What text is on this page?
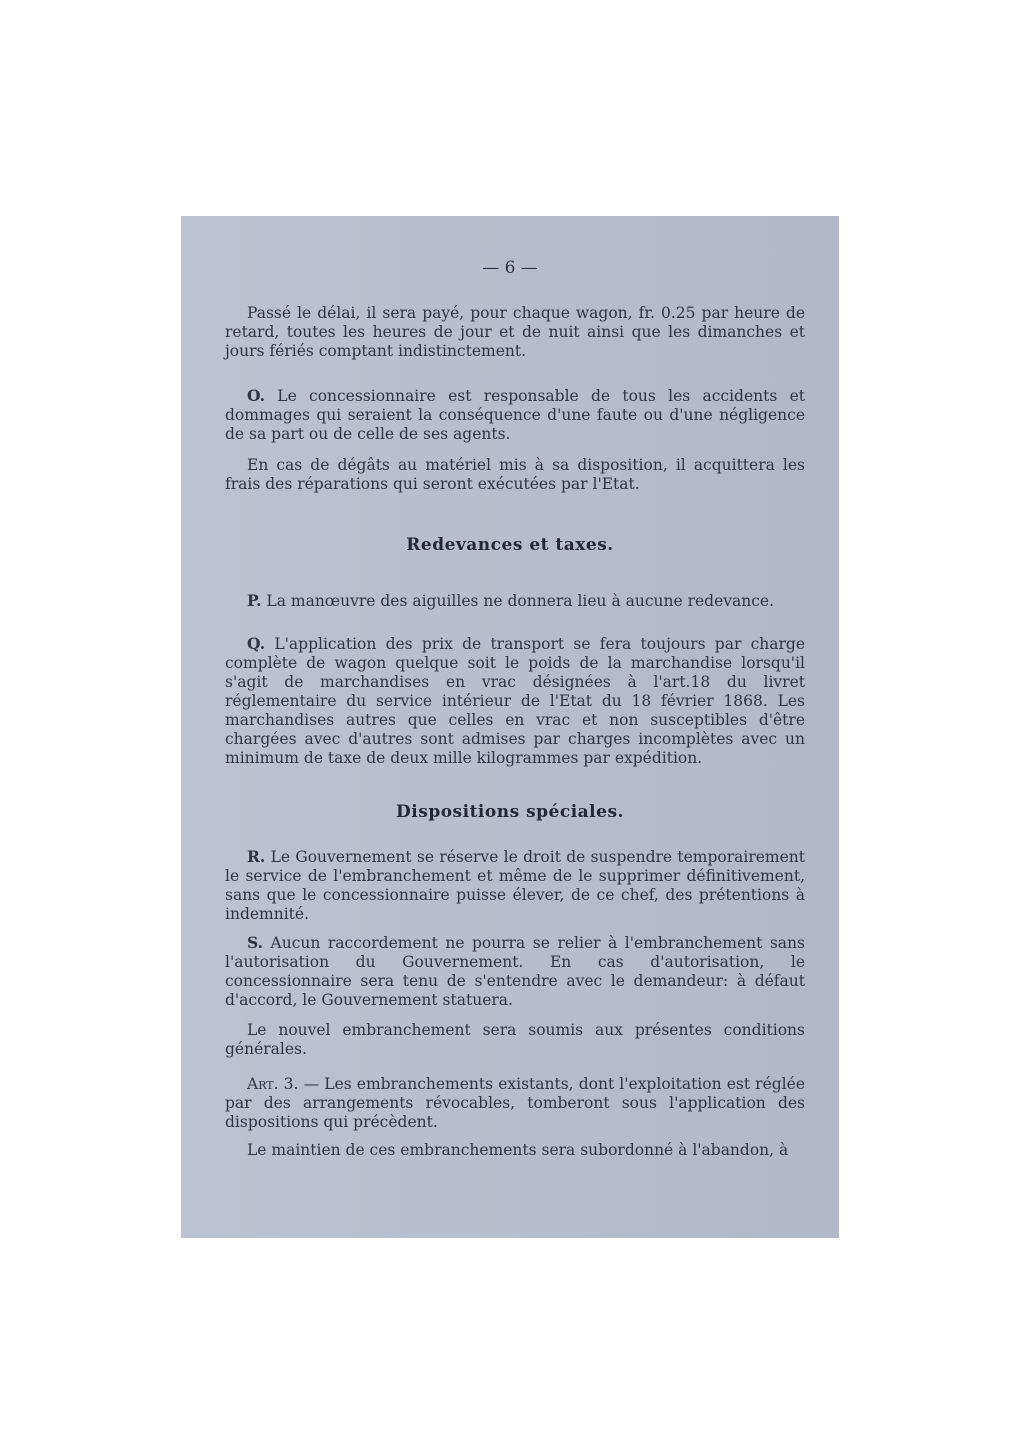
— 6 —

Passé le délai, il sera payé, pour chaque wagon, fr. 0.25 par heure de retard, toutes les heures de jour et de nuit ainsi que les dimanches et jours fériés comptant indistinctement.

O. Le concessionnaire est responsable de tous les accidents et dommages qui seraient la conséquence d'une faute ou d'une négligence de sa part ou de celle de ses agents.

En cas de dégâts au matériel mis à sa disposition, il acquittera les frais des réparations qui seront exécutées par l'Etat.

Redevances et taxes.

P. La manœuvre des aiguilles ne donnera lieu à aucune redevance.

Q. L'application des prix de transport se fera toujours par charge complète de wagon quelque soit le poids de la marchandise lorsqu'il s'agit de marchandises en vrac désignées à l'art.18 du livret réglementaire du service intérieur de l'Etat du 18 février 1868. Les marchandises autres que celles en vrac et non susceptibles d'être chargées avec d'autres sont admises par charges incomplètes avec un minimum de taxe de deux mille kilogrammes par expédition.

Dispositions spéciales.

R. Le Gouvernement se réserve le droit de suspendre temporairement le service de l'embranchement et même de le supprimer définitivement, sans que le concessionnaire puisse élever, de ce chef, des prétentions à indemnité.

S. Aucun raccordement ne pourra se relier à l'embranchement sans l'autorisation du Gouvernement. En cas d'autorisation, le concessionnaire sera tenu de s'entendre avec le demandeur: à défaut d'accord, le Gouvernement statuera.

Le nouvel embranchement sera soumis aux présentes conditions générales.

Art. 3. — Les embranchements existants, dont l'exploitation est réglée par des arrangements révocables, tomberont sous l'application des dispositions qui précèdent.

Le maintien de ces embranchements sera subordonné à l'abandon, à
